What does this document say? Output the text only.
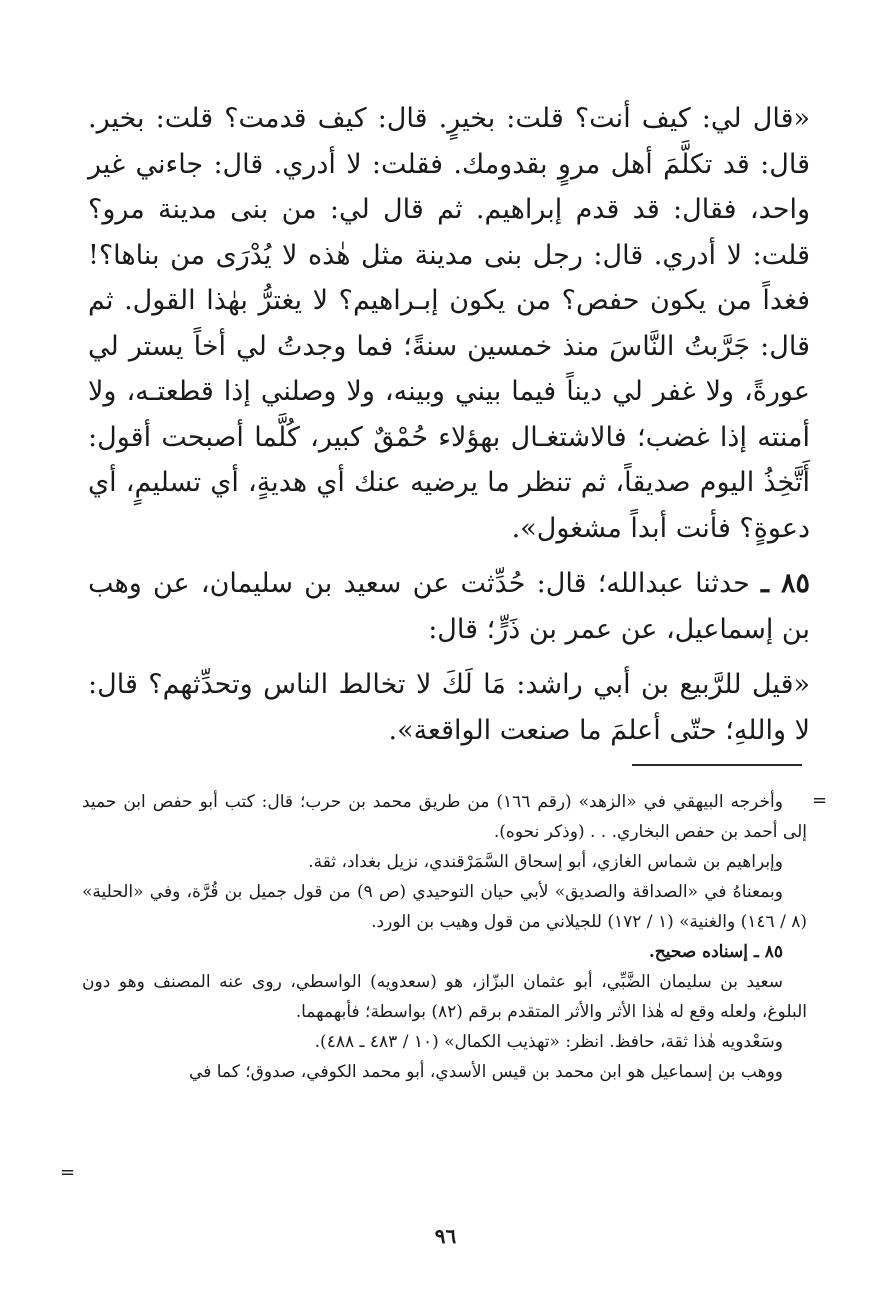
«قال لي: كيف أنت؟ قلت: بخيرٍ. قال: كيف قدمت؟ قلت: بخير. قال: قد تكلَّمَ أهل مروٍ بقدومك. فقلت: لا أدري. قال: جاءني غير واحد، فقال: قد قدم إبراهيم. ثم قال لي: من بنى مدينة مرو؟ قلت: لا أدري. قال: رجل بنى مدينة مثل هٰذه لا يُدْرَى من بناها؟! فغداً من يكون حفص؟ من يكون إبـراهيم؟ لا يغترُّ بهٰذا القول. ثم قال: جَرَّبتُ النَّاسَ منذ خمسين سنةً؛ فما وجدتُ لي أخاً يستر لي عورةً، ولا غفر لي ديناً فيما بيني وبينه، ولا وصلني إذا قطعتـه، ولا أمنته إذا غضب؛ فالاشتغـال بهؤلاء حُمْقٌ كبير، كُلَّما أصبحت أقول: أَتَّخِذُ اليوم صديقاً، ثم تنظر ما يرضيه عنك أي هديةٍ، أي تسليمٍ، أي دعوةٍ؟ فأنت أبداً مشغول».

٨٥ ـ حدثنا عبدالله؛ قال: حُدِّثت عن سعيد بن سليمان، عن وهب بن إسماعيل، عن عمر بن ذَرٍّ؛ قال:

«قيل للرَّبيع بن أبي راشد: مَا لَكَ لا تخالط الناس وتحدِّثهم؟ قال: لا واللهِ؛ حتّى أعلمَ ما صنعت الواقعة».

=

وأخرجه البيهقي في «الزهد» (رقم ١٦٦) من طريق محمد بن حرب؛ قال: كتب أبو حفص ابن حميد إلى أحمد بن حفص البخاري. . . (وذكر نحوه).

وإبراهيم بن شماس الغازي، أبو إسحاق السَّمَرْقندي، نزيل بغداد، ثقة.

وبمعناهُ في «الصداقة والصديق» لأبي حيان التوحيدي (ص ٩) من قول جميل بن قُرَّة، وفي «الحلية» (٨ / ١٤٦) والغنية» (١ / ١٧٢) للجيلاني من قول وهيب بن الورد.

٨٥ ـ إسناده صحيح.

سعيد بن سليمان الضَّبِّي، أبو عثمان البزّاز، هو (سعدويه) الواسطي، روى عنه المصنف وهو دون البلوغ، ولعله وقع له هٰذا الأثر والأثر المتقدم برقم (٨٢) بواسطة؛ فأبهمهما.

وسَعْدويه هٰذا ثقة، حافظ. انظر: «تهذيب الكمال» (١٠ / ٤٨٣ ـ ٤٨٨).

ووهب بن إسماعيل هو ابن محمد بن قيس الأسدي، أبو محمد الكوفي، صدوق؛ كما في

=
٩٦
